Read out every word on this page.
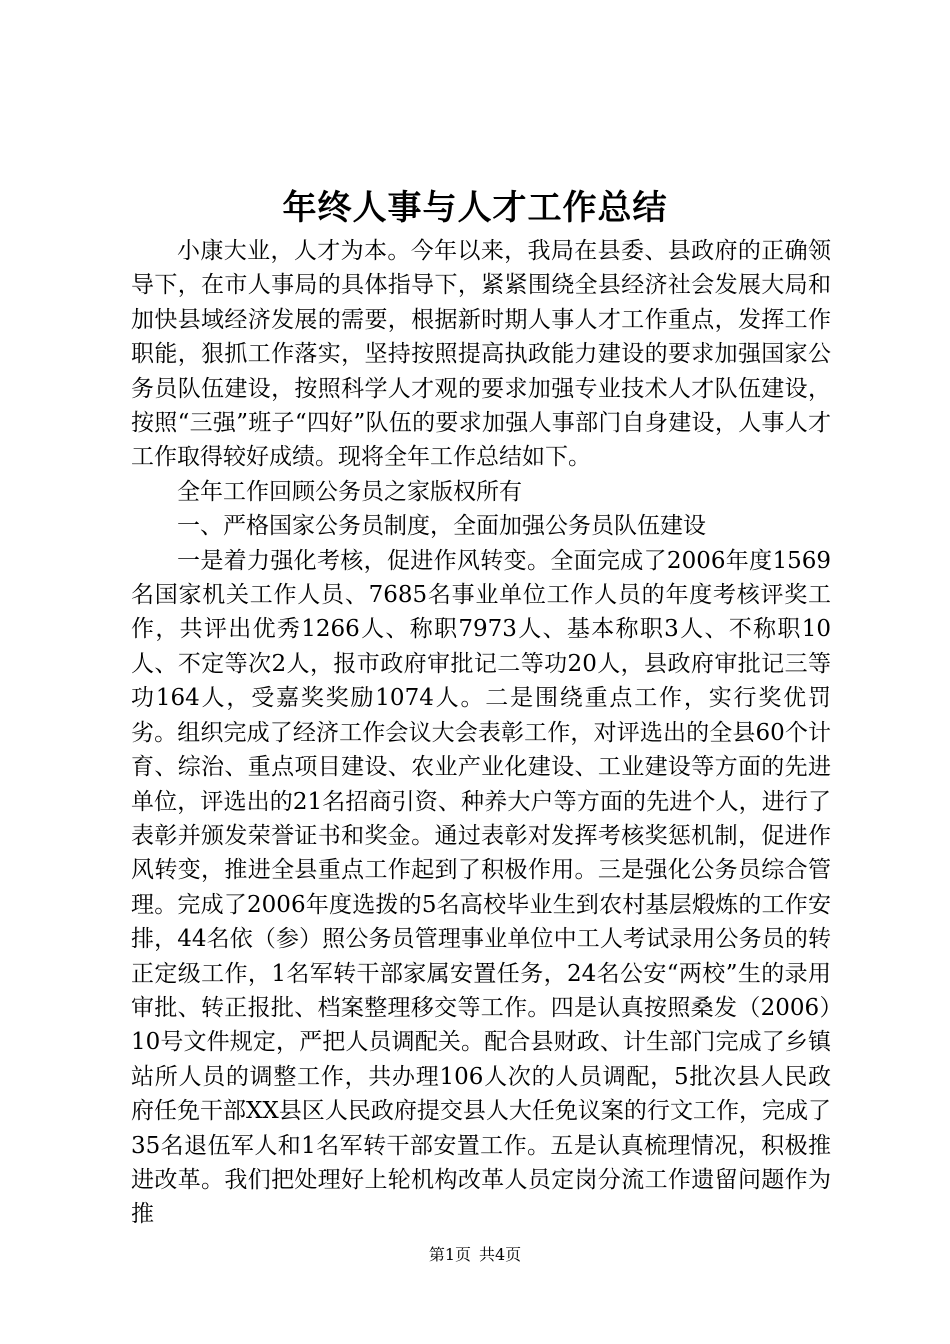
年终人事与人才工作总结

小康大业，人才为本。今年以来，我局在县委、县政府的正确领导下，在市人事局的具体指导下，紧紧围绕全县经济社会发展大局和加快县域经济发展的需要，根据新时期人事人才工作重点，发挥工作职能，狠抓工作落实，坚持按照提高执政能力建设的要求加强国家公务员队伍建设，按照科学人才观的要求加强专业技术人才队伍建设，按照“三强”班子“四好”队伍的要求加强人事部门自身建设，人事人才工作取得较好成绩。现将全年工作总结如下。

全年工作回顾公务员之家版权所有

一、严格国家公务员制度，全面加强公务员队伍建设

一是着力强化考核，促进作风转变。全面完成了2006年度1569名国家机关工作人员、7685名事业单位工作人员的年度考核评奖工作，共评出优秀1266人、称职7973人、基本称职3人、不称职10人、不定等次2人，报市政府审批记二等功20人，县政府审批记三等功164人，受嘉奖奖励1074人。二是围绕重点工作，实行奖优罚劣。组织完成了经济工作会议大会表彰工作，对评选出的全县60个计育、综治、重点项目建设、农业产业化建设、工业建设等方面的先进单位，评选出的21名招商引资、种养大户等方面的先进个人，进行了表彰并颁发荣誉证书和奖金。通过表彰对发挥考核奖惩机制，促进作风转变，推进全县重点工作起到了积极作用。三是强化公务员综合管理。完成了2006年度选拨的5名高校毕业生到农村基层煅炼的工作安排，44名依（参）照公务员管理事业单位中工人考试录用公务员的转正定级工作，1名军转干部家属安置任务，24名公安“两校”生的录用审批、转正报批、档案整理移交等工作。四是认真按照桑发（2006）10号文件规定，严把人员调配关。配合县财政、计生部门完成了乡镇站所人员的调整工作，共办理106人次的人员调配，5批次县人民政府任免干部XX县区人民政府提交县人大任免议案的行文工作，完成了35名退伍军人和1名军转干部安置工作。五是认真梳理情况，积极推进改革。我们把处理好上轮机构改革人员定岗分流工作遗留问题作为推

第1页 共4页
